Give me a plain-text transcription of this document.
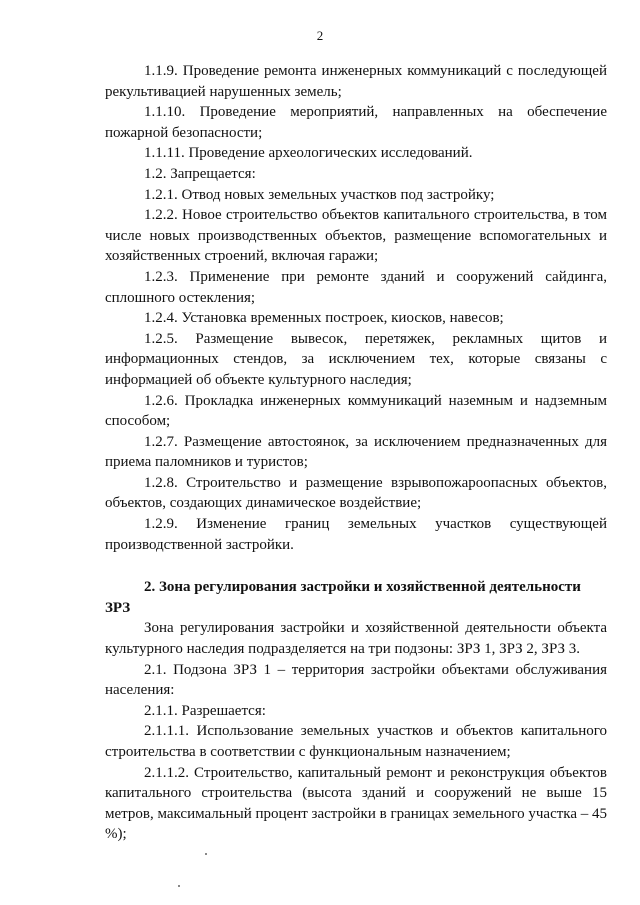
2

1.1.9. Проведение ремонта инженерных коммуникаций с последующей рекультивацией нарушенных земель;

1.1.10. Проведение мероприятий, направленных на обеспечение пожарной безопасности;

1.1.11. Проведение археологических исследований.

1.2. Запрещается:

1.2.1. Отвод новых земельных участков под застройку;

1.2.2. Новое строительство объектов капитального строительства, в том числе новых производственных объектов, размещение вспомогательных и хозяйственных строений, включая гаражи;

1.2.3. Применение при ремонте зданий и сооружений сайдинга, сплошного остекления;

1.2.4. Установка временных построек, киосков, навесов;

1.2.5. Размещение вывесок, перетяжек, рекламных щитов и информационных стендов, за исключением тех, которые связаны с информацией об объекте культурного наследия;

1.2.6. Прокладка инженерных коммуникаций наземным и надземным способом;

1.2.7. Размещение автостоянок, за исключением предназначенных для приема паломников и туристов;

1.2.8. Строительство и размещение взрывопожароопасных объектов, объектов, создающих динамическое воздействие;

1.2.9. Изменение границ земельных участков существующей производственной застройки.

2. Зона регулирования застройки и хозяйственной деятельности ЗРЗ

Зона регулирования застройки и хозяйственной деятельности объекта культурного наследия подразделяется на три подзоны: ЗРЗ 1, ЗРЗ 2, ЗРЗ 3.

2.1. Подзона ЗРЗ 1 – территория застройки объектами обслуживания населения:

2.1.1. Разрешается:

2.1.1.1. Использование земельных участков и объектов капитального строительства в соответствии с функциональным назначением;

2.1.1.2. Строительство, капитальный ремонт и реконструкция объектов капитального строительства (высота зданий и сооружений не выше 15 метров, максимальный процент застройки в границах земельного участка – 45 %);
